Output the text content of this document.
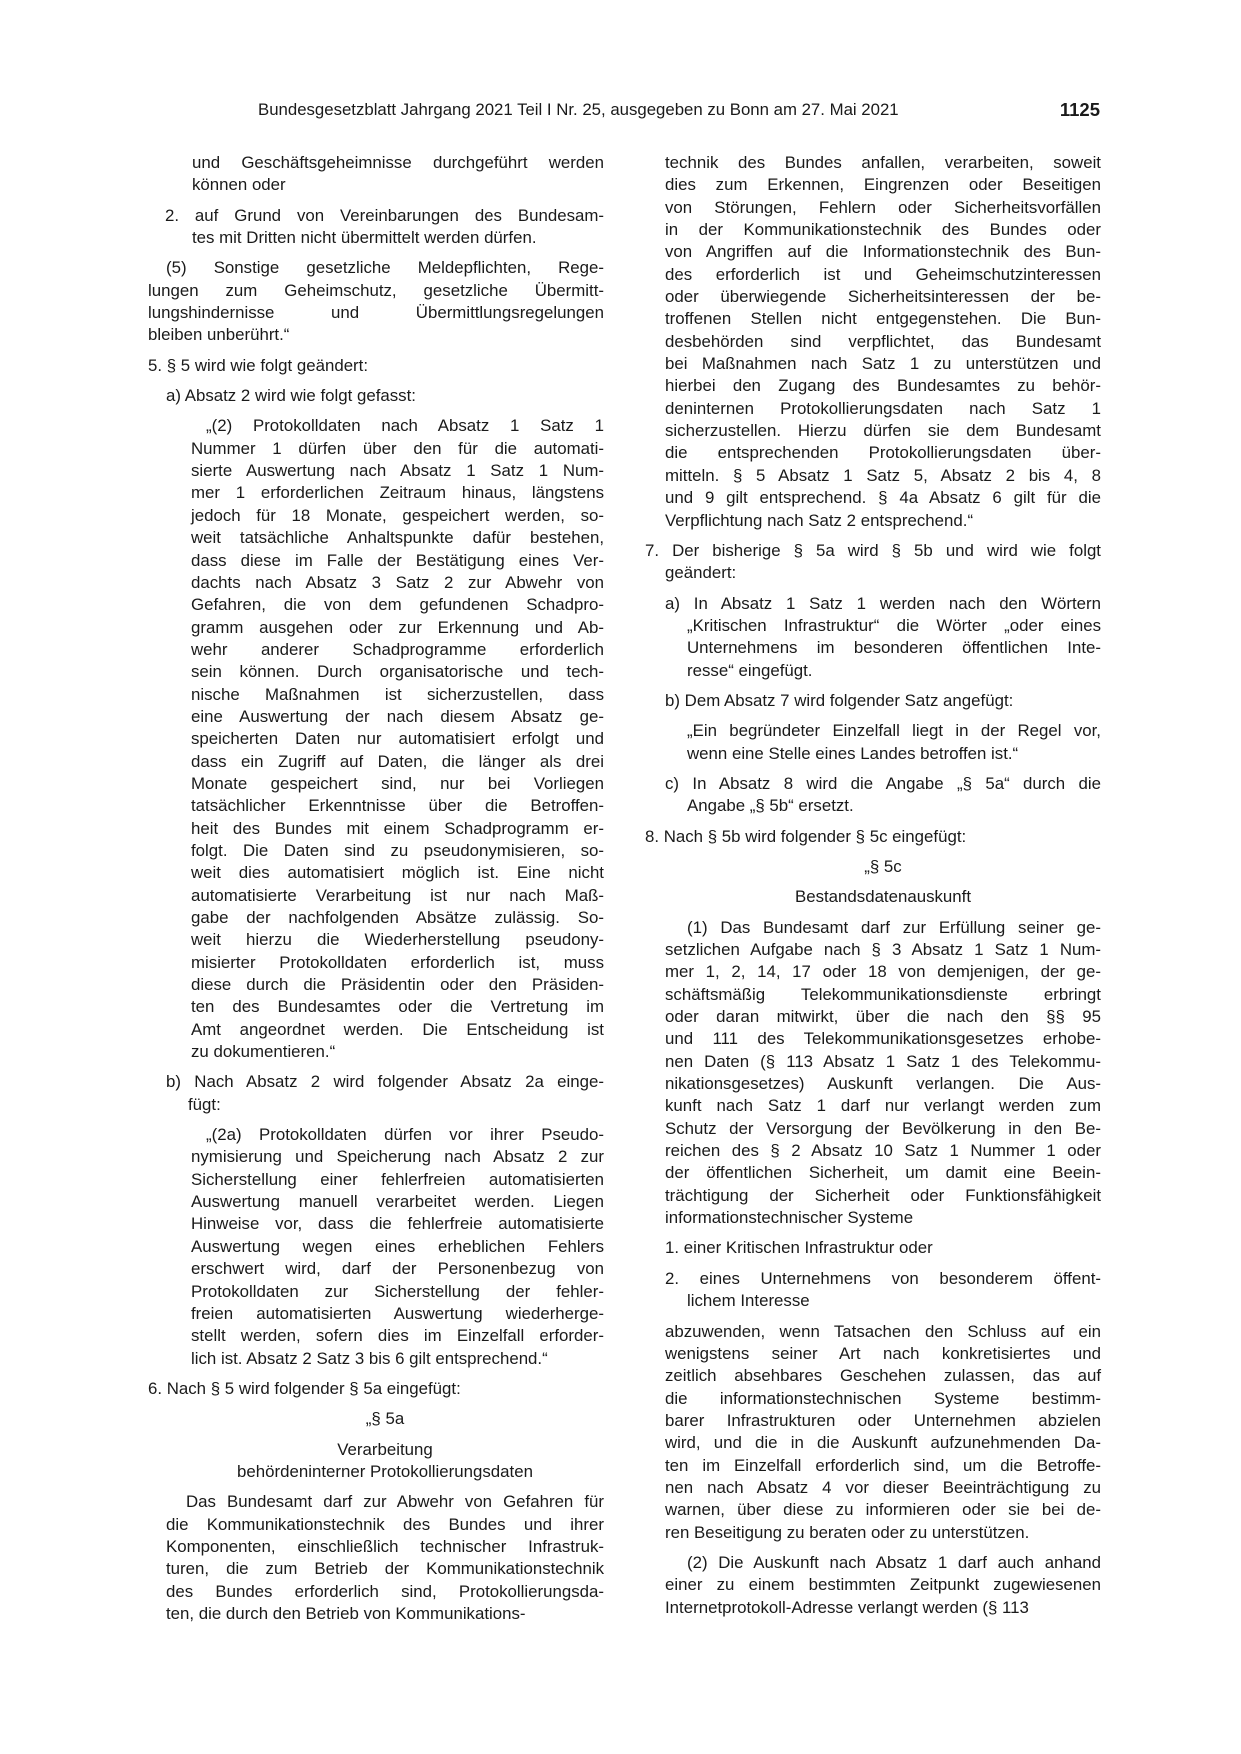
Bundesgesetzblatt Jahrgang 2021 Teil I Nr. 25, ausgegeben zu Bonn am 27. Mai 2021	1125
und Geschäftsgeheimnisse durchgeführt werden
können oder
2. auf Grund von Vereinbarungen des Bundesam-
tes mit Dritten nicht übermittelt werden dürfen.
(5) Sonstige gesetzliche Meldepflichten, Rege-
lungen zum Geheimschutz, gesetzliche Übermitt-
lungshindernisse und Übermittlungsregelungen
bleiben unberührt.“
5. § 5 wird wie folgt geändert:
a) Absatz 2 wird wie folgt gefasst:
„(2) Protokolldaten nach Absatz 1 Satz 1
Nummer 1 dürfen über den für die automati-
sierte Auswertung nach Absatz 1 Satz 1 Num-
mer 1 erforderlichen Zeitraum hinaus, längstens
jedoch für 18 Monate, gespeichert werden, so-
weit tatsächliche Anhaltspunkte dafür bestehen,
dass diese im Falle der Bestätigung eines Ver-
dachts nach Absatz 3 Satz 2 zur Abwehr von
Gefahren, die von dem gefundenen Schadpro-
gramm ausgehen oder zur Erkennung und Ab-
wehr anderer Schadprogramme erforderlich
sein können. Durch organisatorische und tech-
nische Maßnahmen ist sicherzustellen, dass
eine Auswertung der nach diesem Absatz ge-
speicherten Daten nur automatisiert erfolgt und
dass ein Zugriff auf Daten, die länger als drei
Monate gespeichert sind, nur bei Vorliegen
tatsächlicher Erkenntnisse über die Betroffen-
heit des Bundes mit einem Schadprogramm er-
folgt. Die Daten sind zu pseudonymisieren, so-
weit dies automatisiert möglich ist. Eine nicht
automatisierte Verarbeitung ist nur nach Maß-
gabe der nachfolgenden Absätze zulässig. So-
weit hierzu die Wiederherstellung pseudony-
misierter Protokolldaten erforderlich ist, muss
diese durch die Präsidentin oder den Präsiden-
ten des Bundesamtes oder die Vertretung im
Amt angeordnet werden. Die Entscheidung ist
zu dokumentieren.“
b) Nach Absatz 2 wird folgender Absatz 2a einge-
fügt:
„(2a) Protokolldaten dürfen vor ihrer Pseudo-
nymisierung und Speicherung nach Absatz 2 zur
Sicherstellung einer fehlerfreien automatisierten
Auswertung manuell verarbeitet werden. Liegen
Hinweise vor, dass die fehlerfreie automatisierte
Auswertung wegen eines erheblichen Fehlers
erschwert wird, darf der Personenbezug von
Protokolldaten zur Sicherstellung der fehler-
freien automatisierten Auswertung wiederherge-
stellt werden, sofern dies im Einzelfall erforder-
lich ist. Absatz 2 Satz 3 bis 6 gilt entsprechend.“
6. Nach § 5 wird folgender § 5a eingefügt:
„§ 5a
Verarbeitung
behördeninterner Protokollierungsdaten
Das Bundesamt darf zur Abwehr von Gefahren für
die Kommunikationstechnik des Bundes und ihrer
Komponenten, einschließlich technischer Infrastruk-
turen, die zum Betrieb der Kommunikationstechnik
des Bundes erforderlich sind, Protokollierungsda-
ten, die durch den Betrieb von Kommunikations-
technik des Bundes anfallen, verarbeiten, soweit
dies zum Erkennen, Eingrenzen oder Beseitigen
von Störungen, Fehlern oder Sicherheitsvorfällen
in der Kommunikationstechnik des Bundes oder
von Angriffen auf die Informationstechnik des Bun-
des erforderlich ist und Geheimschutzinteressen
oder überwiegende Sicherheitsinteressen der be-
troffenen Stellen nicht entgegenstehen. Die Bun-
desbehörden sind verpflichtet, das Bundesamt
bei Maßnahmen nach Satz 1 zu unterstützen und
hierbei den Zugang des Bundesamtes zu behör-
deninternen Protokollierungsdaten nach Satz 1
sicherzustellen. Hierzu dürfen sie dem Bundesamt
die entsprechenden Protokollierungsdaten über-
mitteln. § 5 Absatz 1 Satz 5, Absatz 2 bis 4, 8
und 9 gilt entsprechend. § 4a Absatz 6 gilt für die
Verpflichtung nach Satz 2 entsprechend.“
7. Der bisherige § 5a wird § 5b und wird wie folgt
geändert:
a) In Absatz 1 Satz 1 werden nach den Wörtern
„Kritischen Infrastruktur“ die Wörter „oder eines
Unternehmens im besonderen öffentlichen Inte-
resse“ eingefügt.
b) Dem Absatz 7 wird folgender Satz angefügt:
„Ein begründeter Einzelfall liegt in der Regel vor,
wenn eine Stelle eines Landes betroffen ist.“
c) In Absatz 8 wird die Angabe „§ 5a“ durch die
Angabe „§ 5b“ ersetzt.
8. Nach § 5b wird folgender § 5c eingefügt:
„§ 5c
Bestandsdatenauskunft
(1) Das Bundesamt darf zur Erfüllung seiner ge-
setzlichen Aufgabe nach § 3 Absatz 1 Satz 1 Num-
mer 1, 2, 14, 17 oder 18 von demjenigen, der ge-
schäftsmäßig Telekommunikationsdienste erbringt
oder daran mitwirkt, über die nach den §§ 95
und 111 des Telekommunikationsgesetzes erhobe-
nen Daten (§ 113 Absatz 1 Satz 1 des Telekommu-
nikationsgesetzes) Auskunft verlangen. Die Aus-
kunft nach Satz 1 darf nur verlangt werden zum
Schutz der Versorgung der Bevölkerung in den Be-
reichen des § 2 Absatz 10 Satz 1 Nummer 1 oder
der öffentlichen Sicherheit, um damit eine Beein-
trächtigung der Sicherheit oder Funktionsfähigkeit
informationstechnischer Systeme
1. einer Kritischen Infrastruktur oder
2. eines Unternehmens von besonderem öffent-
lichem Interesse
abzuwenden, wenn Tatsachen den Schluss auf ein
wenigstens seiner Art nach konkretisiertes und
zeitlich absehbares Geschehen zulassen, das auf
die informationstechnischen Systeme bestimm-
barer Infrastrukturen oder Unternehmen abzielen
wird, und die in die Auskunft aufzunehmenden Da-
ten im Einzelfall erforderlich sind, um die Betroffe-
nen nach Absatz 4 vor dieser Beeinträchtigung zu
warnen, über diese zu informieren oder sie bei de-
ren Beseitigung zu beraten oder zu unterstützen.
(2) Die Auskunft nach Absatz 1 darf auch anhand
einer zu einem bestimmten Zeitpunkt zugewiesenen
Internetprotokoll-Adresse verlangt werden (§ 113
